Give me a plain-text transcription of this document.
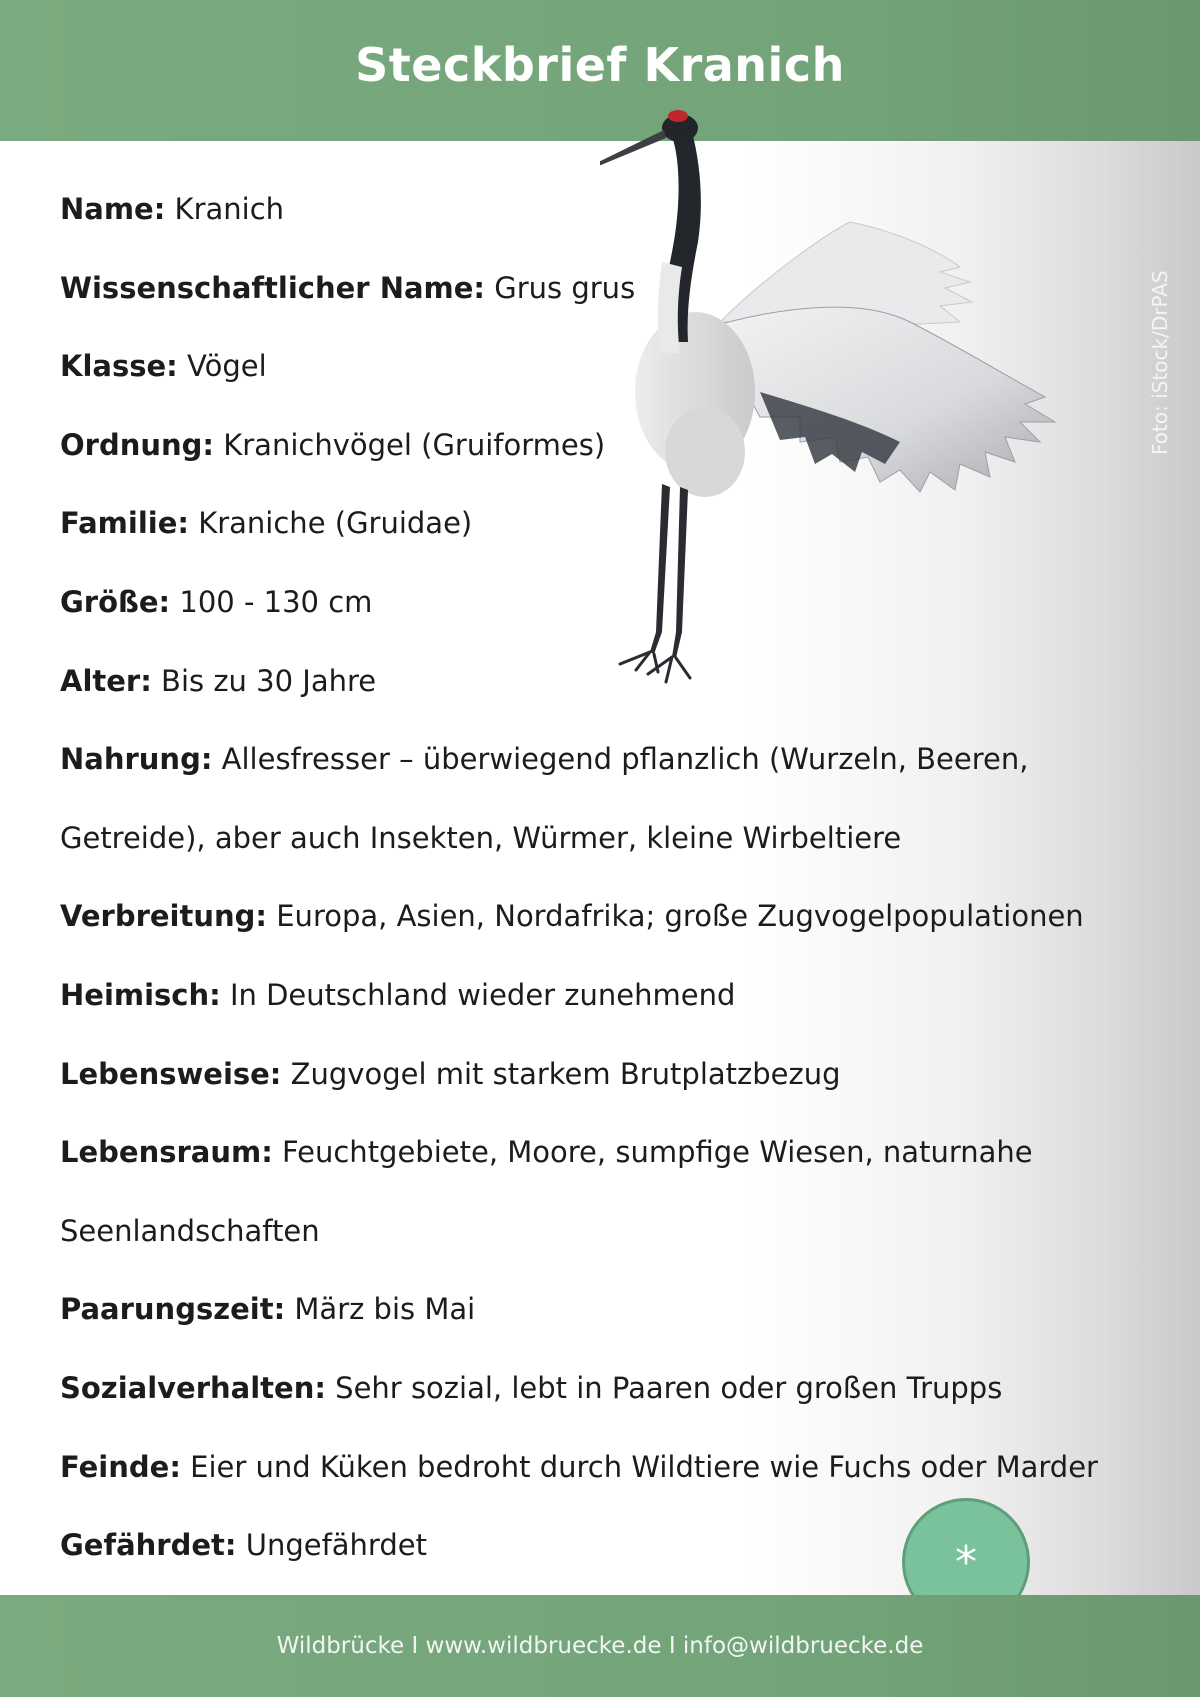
Steckbrief Kranich
Foto: iStock/DrPAS
Name: Kranich
Wissenschaftlicher Name: Grus grus
Klasse: Vögel
Ordnung: Kranichvögel (Gruiformes)
Familie: Kraniche (Gruidae)
Größe: 100 - 130 cm
Alter: Bis zu 30 Jahre
Nahrung: Allesfresser – überwiegend pflanzlich (Wurzeln, Beeren, Getreide), aber auch Insekten, Würmer, kleine Wirbeltiere
Verbreitung: Europa, Asien, Nordafrika; große Zugvogelpopulationen
Heimisch: In Deutschland wieder zunehmend
Lebensweise: Zugvogel mit starkem Brutplatzbezug
Lebensraum: Feuchtgebiete, Moore, sumpfige Wiesen, naturnahe Seenlandschaften
Paarungszeit: März bis Mai
Sozialverhalten: Sehr sozial, lebt in Paaren oder großen Trupps
Feinde: Eier und Küken bedroht durch Wildtiere wie Fuchs oder Marder
Gefährdet: Ungefährdet	*
Wildbrücke I www.wildbruecke.de I info@wildbruecke.de
